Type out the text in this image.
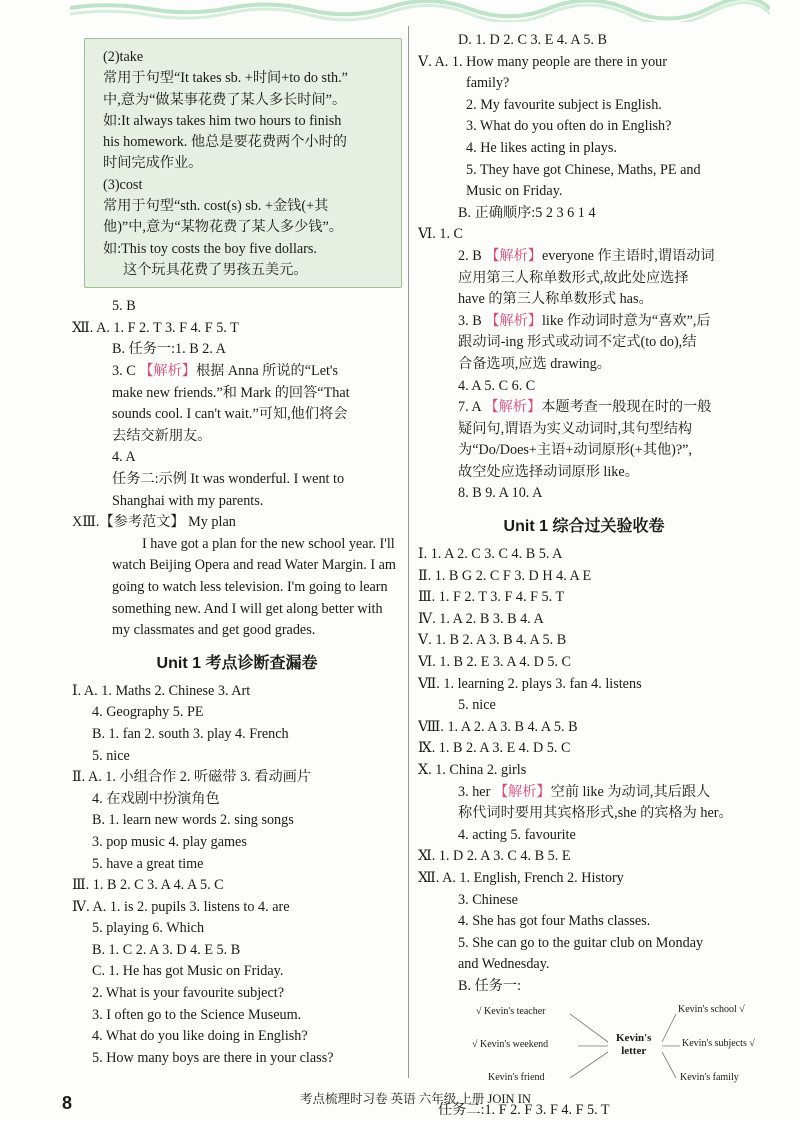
(2)take
常用于句型“It takes sb. +时间+to do sth.”
中,意为“做某事花费了某人多长时间”。
如:It always takes him two hours to finish
his homework. 他总是要花费两个小时的
时间完成作业。
(3)cost
常用于句型“sth. cost(s) sb. +金钱(+其
他)”中,意为“某物花费了某人多少钱”。
如:This toy costs the boy five dollars.
这个玩具花费了男孩五美元。
5. B
Ⅻ. A. 1. F 2. T 3. F 4. F 5. T
B. 任务一:1. B 2. A
3. C 【解析】根据 Anna 所说的“Let's
make new friends.”和 Mark 的回答“That
sounds cool. I can't wait.”可知,他们将会
去结交新朋友。
4. A
任务二:示例 It was wonderful. I went to
Shanghai with my parents.
XⅢ.【参考范文】 My plan
I have got a plan for the new school year. I'll watch Beijing Opera and read Water Margin. I am going to watch less television. I'm going to learn something new. And I will get along better with my classmates and get good grades.
Unit 1 考点诊断查漏卷
Ⅰ. A. 1. Maths 2. Chinese 3. Art
4. Geography 5. PE
B. 1. fan 2. south 3. play 4. French
5. nice
Ⅱ. A. 1. 小组合作 2. 听磁带 3. 看动画片
4. 在戏剧中扮演角色
B. 1. learn new words 2. sing songs
3. pop music 4. play games
5. have a great time
Ⅲ. 1. B 2. C 3. A 4. A 5. C
Ⅳ. A. 1. is 2. pupils 3. listens to 4. are
5. playing 6. Which
B. 1. C 2. A 3. D 4. E 5. B
C. 1. He has got Music on Friday.
2. What is your favourite subject?
3. I often go to the Science Museum.
4. What do you like doing in English?
5. How many boys are there in your class?
D. 1. D 2. C 3. E 4. A 5. B
Ⅴ. A. 1. How many people are there in your
family?
2. My favourite subject is English.
3. What do you often do in English?
4. He likes acting in plays.
5. They have got Chinese, Maths, PE and
Music on Friday.
B. 正确顺序:5 2 3 6 1 4
Ⅵ. 1. C
2. B 【解析】everyone 作主语时,谓语动词
应用第三人称单数形式,故此处应选择
have 的第三人称单数形式 has。
3. B 【解析】like 作动词时意为“喜欢”,后
跟动词-ing 形式或动词不定式(to do),结
合备选项,应选 drawing。
4. A 5. C 6. C
7. A 【解析】本题考查一般现在时的一般
疑问句,谓语为实义动词时,其句型结构
为“Do/Does+主语+动词原形(+其他)?”,
故空处应选择动词原形 like。
8. B 9. A 10. A
Unit 1 综合过关验收卷
Ⅰ. 1. A 2. C 3. C 4. B 5. A
Ⅱ. 1. B G 2. C F 3. D H 4. A E
Ⅲ. 1. F 2. T 3. F 4. F 5. T
Ⅳ. 1. A 2. B 3. B 4. A
Ⅴ. 1. B 2. A 3. B 4. A 5. B
Ⅵ. 1. B 2. E 3. A 4. D 5. C
Ⅶ. 1. learning 2. plays 3. fan 4. listens
5. nice
Ⅷ. 1. A 2. A 3. B 4. A 5. B
Ⅸ. 1. B 2. A 3. E 4. D 5. C
Ⅹ. 1. China 2. girls
3. her 【解析】空前 like 为动词,其后跟人
称代词时要用其宾格形式,she 的宾格为 her。
4. acting 5. favourite
Ⅺ. 1. D 2. A 3. C 4. B 5. E
Ⅻ. A. 1. English, French 2. History
3. Chinese
4. She has got four Maths classes.
5. She can go to the guitar club on Monday
and Wednesday.
B. 任务一:
√ Kevin's teacher	Kevin's school √
√ Kevin's weekend	Kevin's subjects √
Kevin's friend	Kevin's family
Kevin's
letter
任务二:1. F 2. F 3. F 4. F 5. T
8	考点梳理时习卷 英语 六年级 上册 JOIN IN
